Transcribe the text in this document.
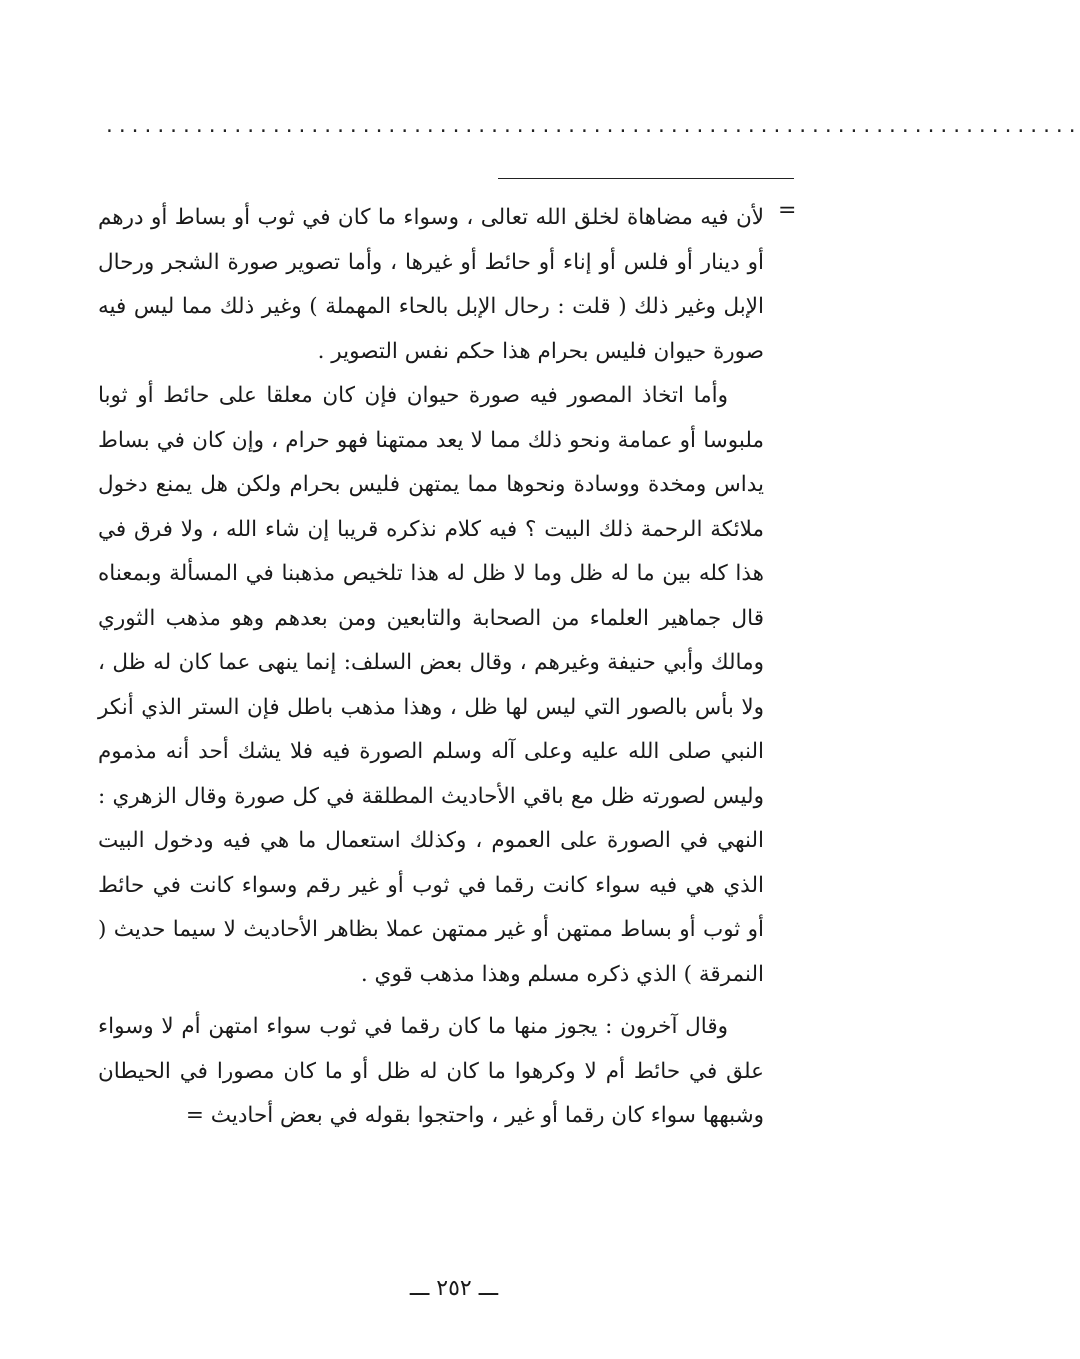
............................................................................
=

لأن فيه مضاهاة لخلق الله تعالى ، وسواء ما كان في ثوب أو بساط أو درهم أو دينار أو فلس أو إناء أو حائط أو غيرها ، وأما تصوير صورة الشجر ورحال الإبل وغير ذلك ( قلت : رحال الإبل بالحاء المهملة ) وغير ذلك مما ليس فيه صورة حيوان فليس بحرام هذا حكم نفس التصوير .

وأما اتخاذ المصور فيه صورة حيوان فإن كان معلقا على حائط أو ثوبا ملبوسا أو عمامة ونحو ذلك مما لا يعد ممتهنا فهو حرام ، وإن كان في بساط يداس ومخدة ووسادة ونحوها مما يمتهن فليس بحرام ولكن هل يمنع دخول ملائكة الرحمة ذلك البيت ؟ فيه كلام نذكره قريبا إن شاء الله ، ولا فرق في هذا كله بين ما له ظل وما لا ظل له هذا تلخيص مذهبنا في المسألة وبمعناه قال جماهير العلماء من الصحابة والتابعين ومن بعدهم وهو مذهب الثوري ومالك وأبي حنيفة وغيرهم ، وقال بعض السلف: إنما ينهى عما كان له ظل ، ولا بأس بالصور التي ليس لها ظل ، وهذا مذهب باطل فإن الستر الذي أنكر النبي صلى الله عليه وعلى آله وسلم الصورة فيه فلا يشك أحد أنه مذموم وليس لصورته ظل مع باقي الأحاديث المطلقة في كل صورة وقال الزهري : النهي في الصورة على العموم ، وكذلك استعمال ما هي فيه ودخول البيت الذي هي فيه سواء كانت رقما في ثوب أو غير رقم وسواء كانت في حائط أو ثوب أو بساط ممتهن أو غير ممتهن عملا بظاهر الأحاديث لا سيما حديث ( النمرقة ) الذي ذكره مسلم وهذا مذهب قوي .

وقال آخرون : يجوز منها ما كان رقما في ثوب سواء امتهن أم لا وسواء علق في حائط أم لا وكرهوا ما كان له ظل أو ما كان مصورا في الحيطان وشبهها سواء كان رقما أو غير ، واحتجوا بقوله في بعض أحاديث =

ـــ ٢٥٢ ـــ
